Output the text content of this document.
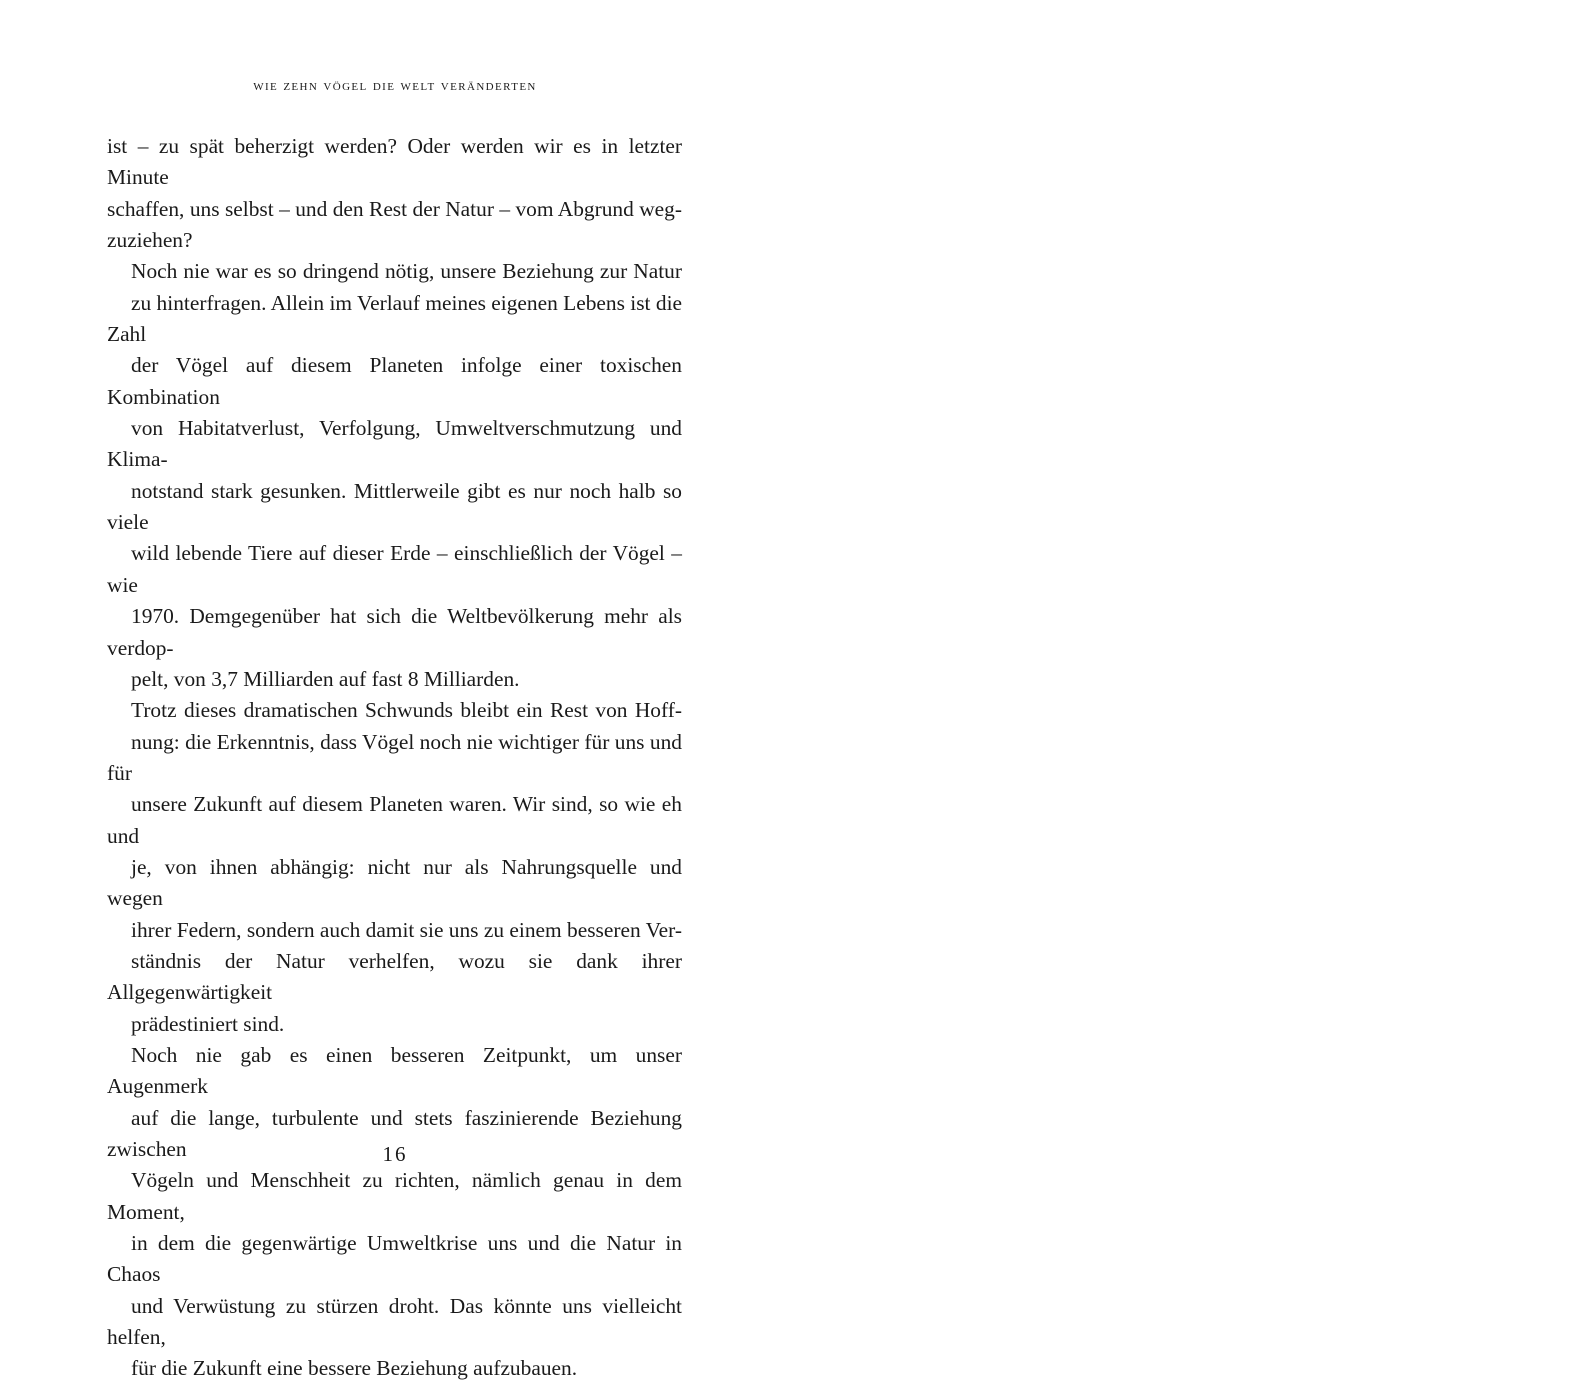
wie zehn vögel die welt veränderten

ist – zu spät beherzigt werden? Oder werden wir es in letzter Minute
schaffen, uns selbst – und den Rest der Natur – vom Abgrund weg-
zuziehen?

Noch nie war es so dringend nötig, unsere Beziehung zur Natur
zu hinterfragen. Allein im Verlauf meines eigenen Lebens ist die Zahl
der Vögel auf diesem Planeten infolge einer toxischen Kombination
von Habitatverlust, Verfolgung, Umweltverschmutzung und Klima-
notstand stark gesunken. Mittlerweile gibt es nur noch halb so viele
wild lebende Tiere auf dieser Erde – einschließlich der Vögel – wie
1970. Demgegenüber hat sich die Weltbevölkerung mehr als verdop-
pelt, von 3,7 Milliarden auf fast 8 Milliarden.

Trotz dieses dramatischen Schwunds bleibt ein Rest von Hoff-
nung: die Erkenntnis, dass Vögel noch nie wichtiger für uns und für
unsere Zukunft auf diesem Planeten waren. Wir sind, so wie eh und
je, von ihnen abhängig: nicht nur als Nahrungsquelle und wegen
ihrer Federn, sondern auch damit sie uns zu einem besseren Ver-
ständnis der Natur verhelfen, wozu sie dank ihrer Allgegenwärtigkeit
prädestiniert sind.

Noch nie gab es einen besseren Zeitpunkt, um unser Augenmerk
auf die lange, turbulente und stets faszinierende Beziehung zwischen
Vögeln und Menschheit zu richten, nämlich genau in dem Moment,
in dem die gegenwärtige Umweltkrise uns und die Natur in Chaos
und Verwüstung zu stürzen droht. Das könnte uns vielleicht helfen,
für die Zukunft eine bessere Beziehung aufzubauen.

16
